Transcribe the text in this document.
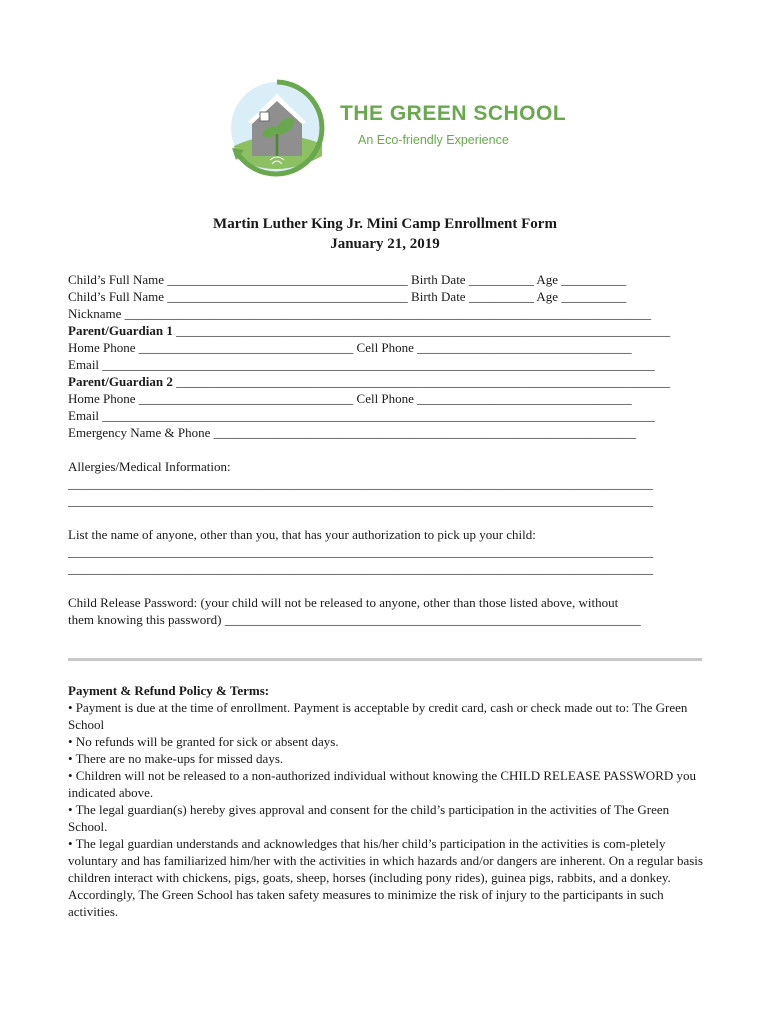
THE GREEN SCHOOL
An Eco-friendly Experience
Martin Luther King Jr. Mini Camp Enrollment Form
January 21, 2019
Child’s Full Name _____________________________________ Birth Date __________ Age __________
Child’s Full Name _____________________________________ Birth Date __________ Age __________
Nickname _________________________________________________________________________________
Parent/Guardian 1 ____________________________________________________________________________
Home Phone _________________________________ Cell Phone _________________________________
Email _____________________________________________________________________________________
Parent/Guardian 2 ____________________________________________________________________________
Home Phone _________________________________ Cell Phone _________________________________
Email _____________________________________________________________________________________
Emergency Name & Phone _________________________________________________________________
Allergies/Medical Information:
__________________________________________________________________________________________
__________________________________________________________________________________________
List the name of anyone, other than you, that has your authorization to pick up your child:
__________________________________________________________________________________________
__________________________________________________________________________________________
Child Release Password: (your child will not be released to anyone, other than those listed above, without
them knowing this password) ________________________________________________________________

Payment & Refund Policy & Terms:

• Payment is due at the time of enrollment. Payment is acceptable by credit card, cash or check made out to: The Green School

• No refunds will be granted for sick or absent days.

• There are no make-ups for missed days.

• Children will not be released to a non-authorized individual without knowing the CHILD RELEASE PASSWORD you indicated above.

• The legal guardian(s) hereby gives approval and consent for the child’s participation in the activities of The Green School.

• The legal guardian understands and acknowledges that his/her child’s participation in the activities is com-pletely voluntary and has familiarized him/her with the activities in which hazards and/or dangers are inherent. On a regular basis children interact with chickens, pigs, goats, sheep, horses (including pony rides), guinea pigs, rabbits, and a donkey. Accordingly, The Green School has taken safety measures to minimize the risk of injury to the participants in such activities.
